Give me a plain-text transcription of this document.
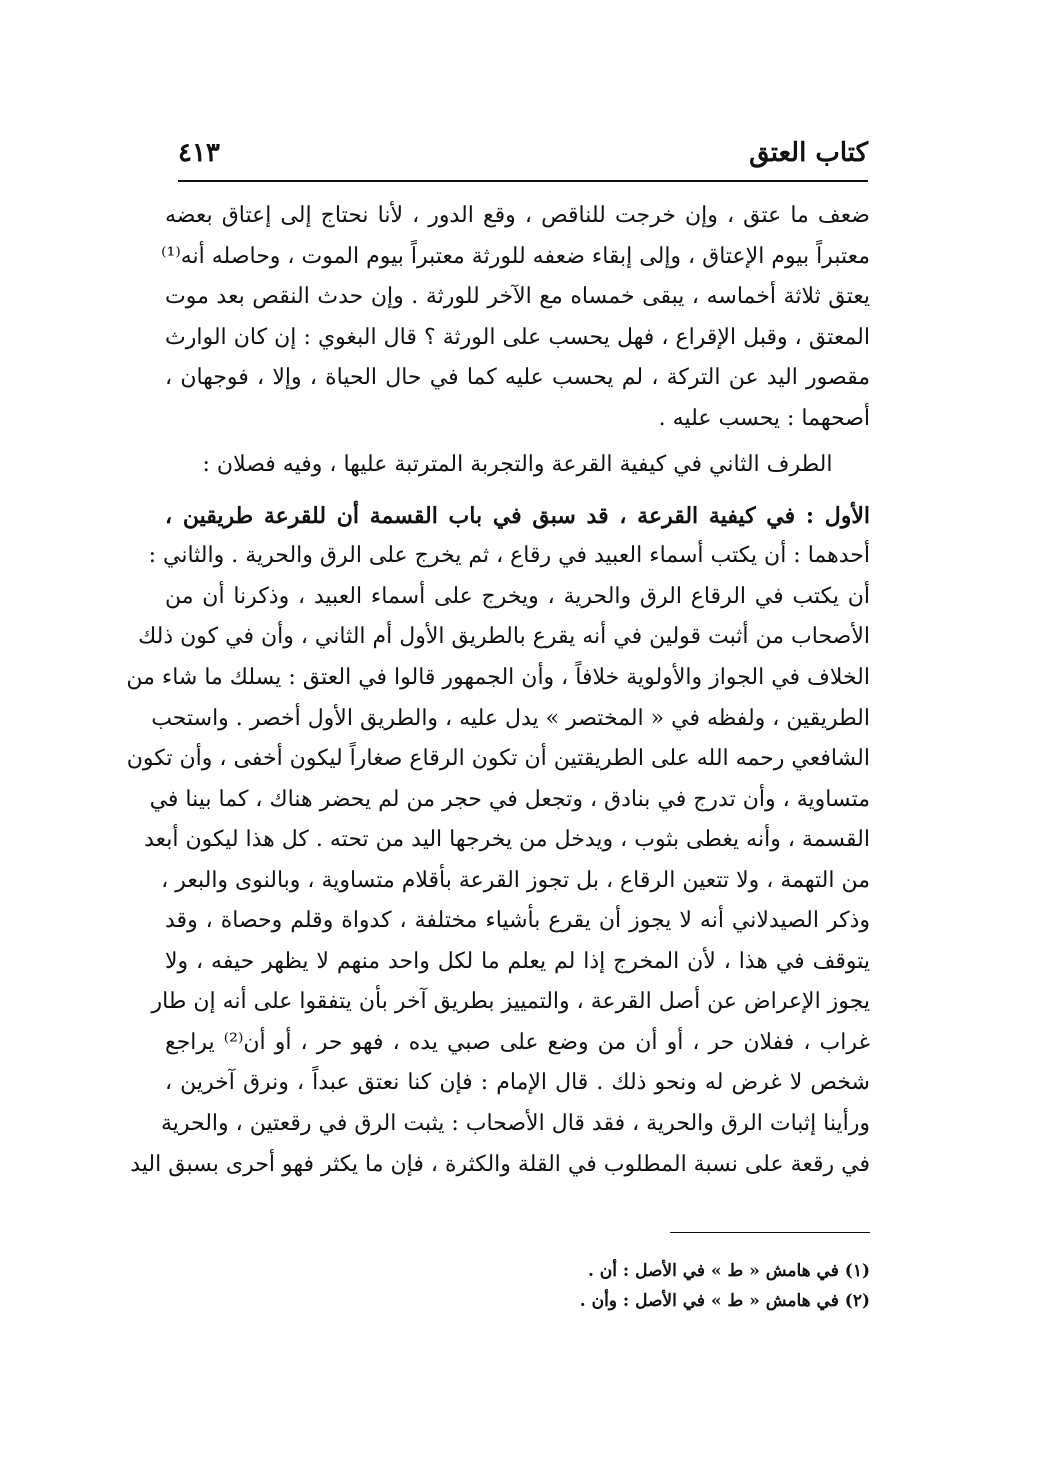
كتاب العتق
٤١٣
ضعف ما عتق ، وإن خرجت للناقص ، وقع الدور ، لأنا نحتاج إلى إعتاق بعضه
معتبراً بيوم الإعتاق ، وإلى إبقاء ضعفه للورثة معتبراً بيوم الموت ، وحاصله أنه⁽¹⁾
يعتق ثلاثة أخماسه ، يبقى خمساه مع الآخر للورثة . وإن حدث النقص بعد موت
المعتق ، وقبل الإقراع ، فهل يحسب على الورثة ؟ قال البغوي : إن كان الوارث
مقصور اليد عن التركة ، لم يحسب عليه كما في حال الحياة ، وإلا ، فوجهان ،
أصحهما : يحسب عليه .
الطرف الثاني في كيفية القرعة والتجربة المترتبة عليها ، وفيه فصلان :
الأول : في كيفية القرعة ، قد سبق في باب القسمة أن للقرعة طريقين ،
أحدهما : أن يكتب أسماء العبيد في رقاع ، ثم يخرج على الرق والحرية . والثاني :
أن يكتب في الرقاع الرق والحرية ، ويخرج على أسماء العبيد ، وذكرنا أن من
الأصحاب من أثبت قولين في أنه يقرع بالطريق الأول أم الثاني ، وأن في كون ذلك
الخلاف في الجواز والأولوية خلافاً ، وأن الجمهور قالوا في العتق : يسلك ما شاء من
الطريقين ، ولفظه في « المختصر » يدل عليه ، والطريق الأول أخصر . واستحب
الشافعي رحمه الله على الطريقتين أن تكون الرقاع صغاراً ليكون أخفى ، وأن تكون
متساوية ، وأن تدرج في بنادق ، وتجعل في حجر من لم يحضر هناك ، كما بينا في
القسمة ، وأنه يغطى بثوب ، ويدخل من يخرجها اليد من تحته . كل هذا ليكون أبعد
من التهمة ، ولا تتعين الرقاع ، بل تجوز القرعة بأقلام متساوية ، وبالنوى والبعر ،
وذكر الصيدلاني أنه لا يجوز أن يقرع بأشياء مختلفة ، كدواة وقلم وحصاة ، وقد
يتوقف في هذا ، لأن المخرج إذا لم يعلم ما لكل واحد منهم لا يظهر حيفه ، ولا
يجوز الإعراض عن أصل القرعة ، والتمييز بطريق آخر بأن يتفقوا على أنه إن طار
غراب ، ففلان حر ، أو أن من وضع على صبي يده ، فهو حر ، أو أن⁽²⁾ يراجع
شخص لا غرض له ونحو ذلك . قال الإمام : فإن كنا نعتق عبداً ، ونرق آخرين ،
ورأينا إثبات الرق والحرية ، فقد قال الأصحاب : يثبت الرق في رقعتين ، والحرية
في رقعة على نسبة المطلوب في القلة والكثرة ، فإن ما يكثر فهو أحرى بسبق اليد
(١) في هامش « ط » في الأصل : أن .
(٢) في هامش « ط » في الأصل : وأن .
